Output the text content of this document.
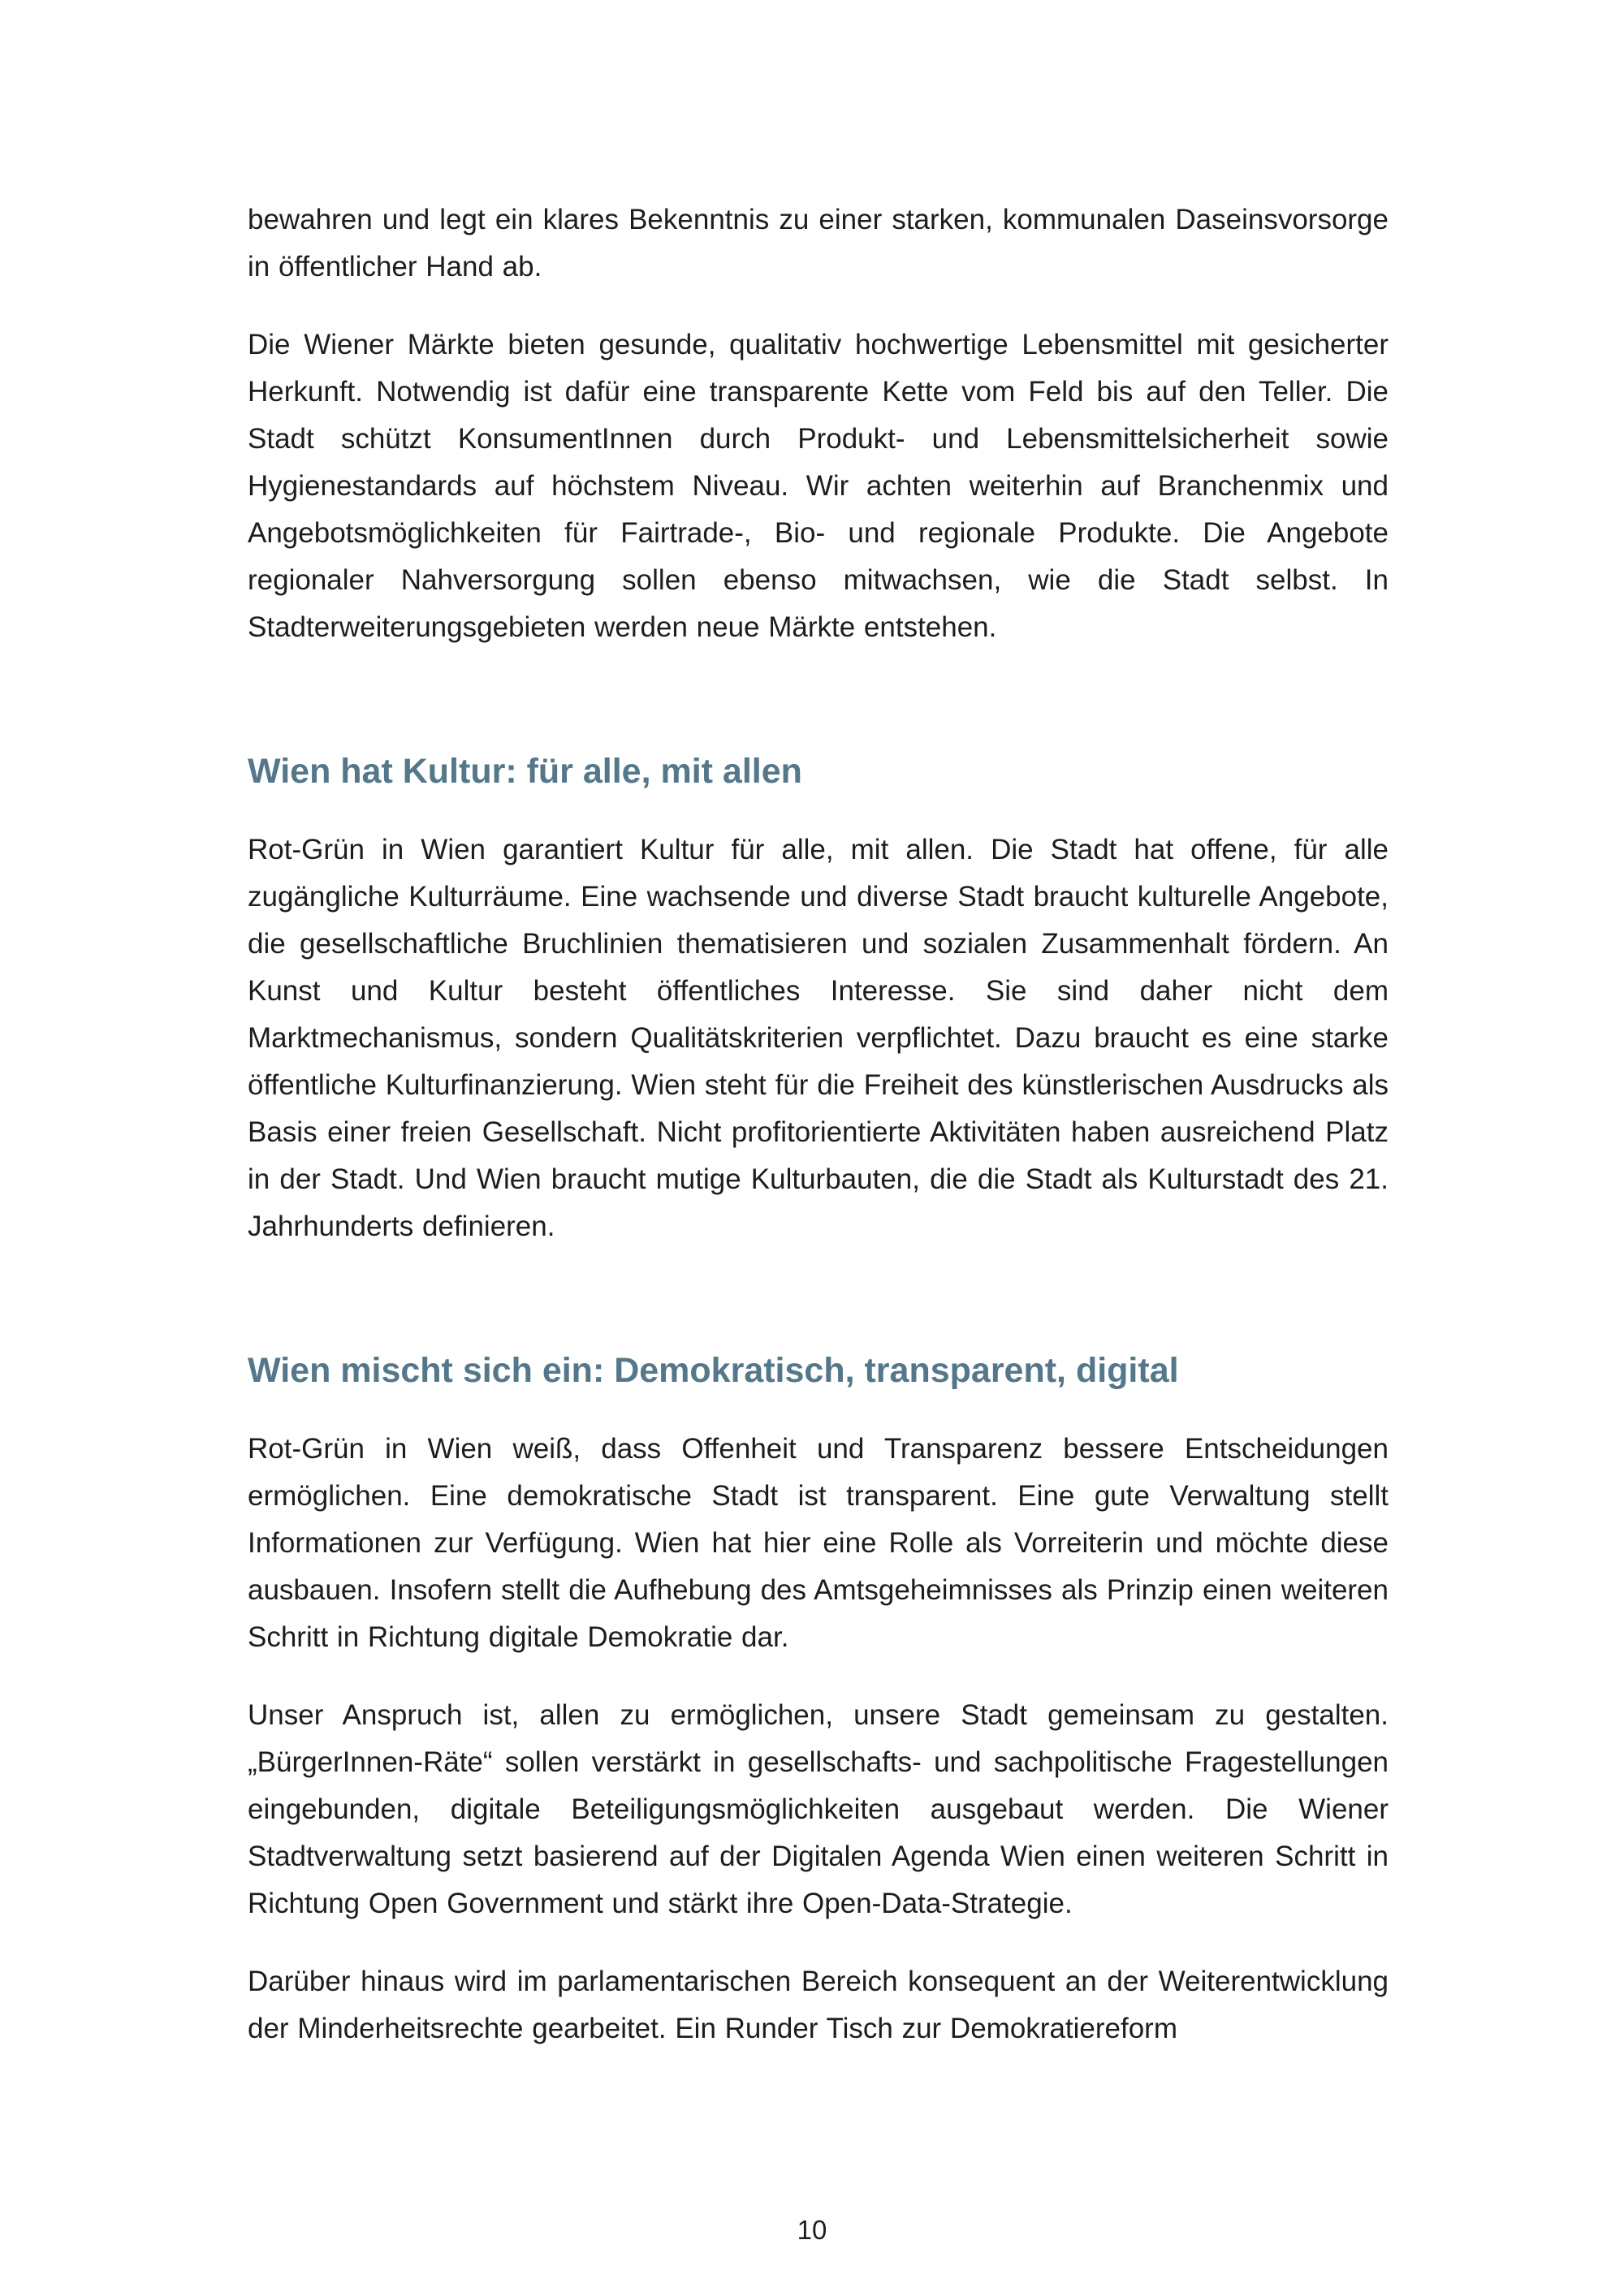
bewahren und legt ein klares Bekenntnis zu einer starken, kommunalen Daseinsvorsorge in öffentlicher Hand ab.

Die Wiener Märkte bieten gesunde, qualitativ hochwertige Lebensmittel mit gesicherter Herkunft. Notwendig ist dafür eine transparente Kette vom Feld bis auf den Teller. Die Stadt schützt KonsumentInnen durch Produkt- und Lebensmittelsicherheit sowie Hygienestandards auf höchstem Niveau. Wir achten weiterhin auf Branchenmix und Angebotsmöglichkeiten für Fairtrade-, Bio- und regionale Produkte. Die Angebote regionaler Nahversorgung sollen ebenso mitwachsen, wie die Stadt selbst. In Stadterweiterungsgebieten werden neue Märkte entstehen.

Wien hat Kultur: für alle, mit allen

Rot-Grün in Wien garantiert Kultur für alle, mit allen. Die Stadt hat offene, für alle zugängliche Kulturräume. Eine wachsende und diverse Stadt braucht kulturelle Angebote, die gesellschaftliche Bruchlinien thematisieren und sozialen Zusammenhalt fördern. An Kunst und Kultur besteht öffentliches Interesse. Sie sind daher nicht dem Marktmechanismus, sondern Qualitätskriterien verpflichtet. Dazu braucht es eine starke öffentliche Kulturfinanzierung. Wien steht für die Freiheit des künstlerischen Ausdrucks als Basis einer freien Gesellschaft. Nicht profitorientierte Aktivitäten haben ausreichend Platz in der Stadt. Und Wien braucht mutige Kulturbauten, die die Stadt als Kulturstadt des 21. Jahrhunderts definieren.

Wien mischt sich ein: Demokratisch, transparent, digital

Rot-Grün in Wien weiß, dass Offenheit und Transparenz bessere Entscheidungen ermöglichen. Eine demokratische Stadt ist transparent. Eine gute Verwaltung stellt Informationen zur Verfügung. Wien hat hier eine Rolle als Vorreiterin und möchte diese ausbauen. Insofern stellt die Aufhebung des Amtsgeheimnisses als Prinzip einen weiteren Schritt in Richtung digitale Demokratie dar.

Unser Anspruch ist, allen zu ermöglichen, unsere Stadt gemeinsam zu gestalten. „BürgerInnen-Räte“ sollen verstärkt in gesellschafts- und sachpolitische Fragestellungen eingebunden, digitale Beteiligungsmöglichkeiten ausgebaut werden. Die Wiener Stadtverwaltung setzt basierend auf der Digitalen Agenda Wien einen weiteren Schritt in Richtung Open Government und stärkt ihre Open-Data-Strategie.

Darüber hinaus wird im parlamentarischen Bereich konsequent an der Weiterentwicklung der Minderheitsrechte gearbeitet. Ein Runder Tisch zur Demokratiereform

10
